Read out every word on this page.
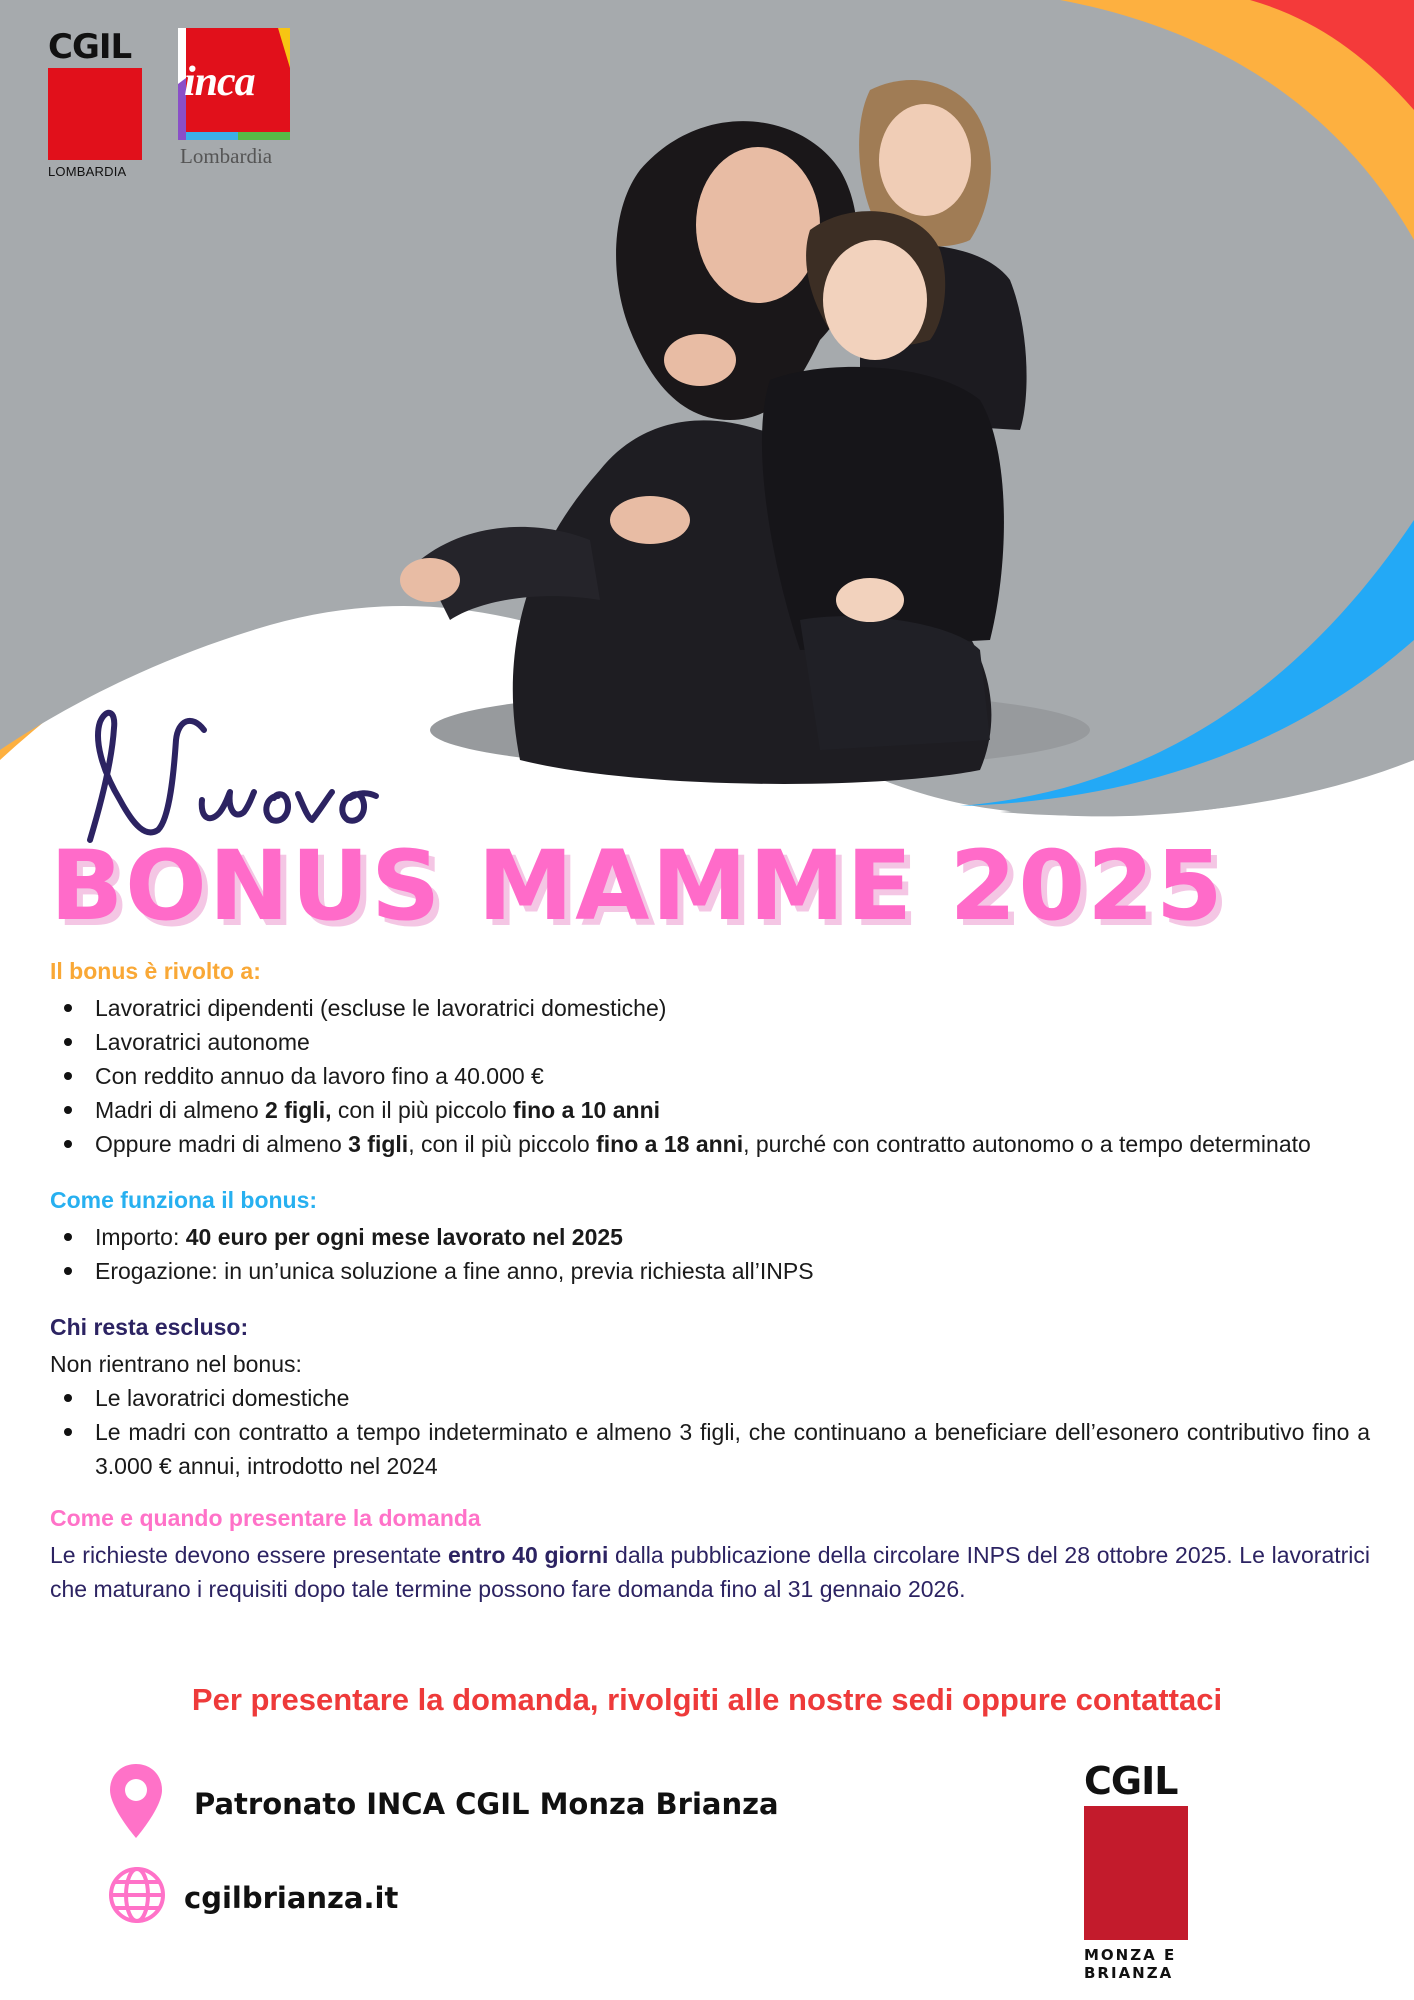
CGIL
LOMBARDIA
inca
Lombardia
BONUS MAMME 2025
Il bonus è rivolto a:
Lavoratrici dipendenti (escluse le lavoratrici domestiche)
Lavoratrici autonome
Con reddito annuo da lavoro fino a 40.000 €
Madri di almeno 2 figli, con il più piccolo fino a 10 anni
Oppure madri di almeno 3 figli, con il più piccolo fino a 18 anni, purché con contratto autonomo o a tempo determinato
Come funziona il bonus:
Importo: 40 euro per ogni mese lavorato nel 2025
Erogazione: in un’unica soluzione a fine anno, previa richiesta all’INPS
Chi resta escluso:
Non rientrano nel bonus:
Le lavoratrici domestiche
Le madri con contratto a tempo indeterminato e almeno 3 figli, che continuano a beneficiare dell’esonero contributivo fino a 3.000 € annui, introdotto nel 2024
Come e quando presentare la domanda
Le richieste devono essere presentate entro 40 giorni dalla pubblicazione della circolare INPS del 28 ottobre 2025. Le lavoratrici che maturano i requisiti dopo tale termine possono fare domanda fino al 31 gennaio 2026.
Per presentare la domanda, rivolgiti alle nostre sedi oppure contattaci
Patronato INCA CGIL Monza Brianza
cgilbrianza.it
CGIL
MONZA E
BRIANZA
